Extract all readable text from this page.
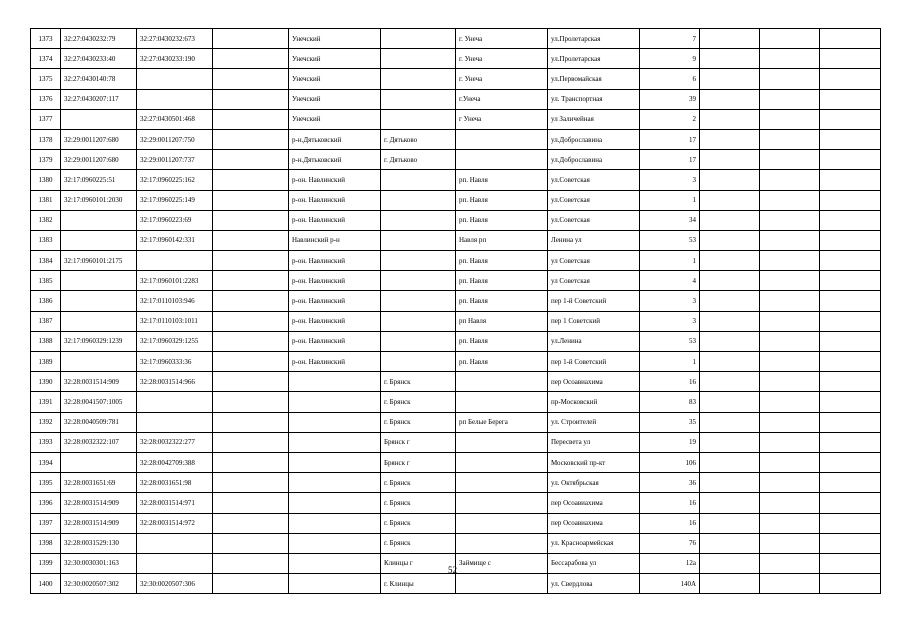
1373	32:27:0430232:79	32:27:0430232:673		Унечский		г. Унеча	ул.Пролетарская	7			
1374	32:27:0430233:40	32:27:0430233:190		Унечский		г. Унеча	ул.Пролетарская	9			
1375	32:27:0430140:78			Унечский		г. Унеча	ул.Первомайская	6			
1376	32:27:0430207:117			Унечский		г.Унеча	ул. Транспортная	39			
1377		32:27:0430501:468		Унечский		г Унеча	ул Заличейная	2			
1378	32:29:0011207:680	32:29:0011207:750		р-н.Дятьковский	г. Дятьково		ул.Доброславина	17			
1379	32:29:0011207:680	32:29:0011207:737		р-н.Дятьковский	г. Дятьково		ул.Доброславина	17			
1380	32:17:0960225:51	32:17:0960225:162		р-он. Навлинский		рп. Навля	ул.Советская	3			
1381	32:17:0960101:2030	32:17:0960225:149		р-он. Навлинский		рп. Навля	ул.Советская	1			
1382		32:17:0960223:69		р-он. Навлинский		рп. Навля	ул.Советская	34			
1383		32:17:0960142:331		Навлинский р-н		Навля рп	Ленина ул	53			
1384	32:17:0960101:2175			р-он. Навлинский		рп. Навля	ул Советская	1			
1385		32:17:0960101:2283		р-он. Навлинский		рп. Навля	ул Советская	4			
1386		32:17:0110103:946		р-он. Навлинский		рп. Навля	пер 1-й Советский	3			
1387		32:17:0110103:1011		р-он. Навлинский		рп Навля	пер 1 Советский	3			
1388	32:17:0960329:1239	32:17:0960329:1255		р-он. Навлинский		рп. Навля	ул.Ленина	53			
1389		32:17:0960333:36		р-он. Навлинский		рп. Навля	пер 1-й Советский	1			
1390	32:28:0031514:909	32:28:0031514:966			г. Брянск		пер Осоавиахима	16			
1391	32:28:0041507:1005				г. Брянск		пр-Московский	83			
1392	32:28:0040509:781				г. Брянск	рп Белые Берега	ул. Строителей	35			
1393	32:28:0032322:107	32:28:0032322:277			Брянск г		Пересвета ул	19			
1394		32:28:0042709:388			Брянск г		Московский пр-кт	106			
1395	32:28:0031651:69	32:28:0031651:98			г. Брянск		ул. Октябрьская	36			
1396	32:28:0031514:909	32:28:0031514:971			г. Брянск		пер Осоавиахима	16			
1397	32:28:0031514:909	32:28:0031514:972			г. Брянск		пер Осоавиахима	16			
1398	32:28:0031529:130				г. Брянск		ул. Красноармейская	76			
1399	32:30:0030301:163				Клинцы г	Займище с	Бессарабова ул	12а			
1400	32:30:0020507:302	32:30:0020507:306			г. Клинцы		ул. Свердлова	140А			
52
